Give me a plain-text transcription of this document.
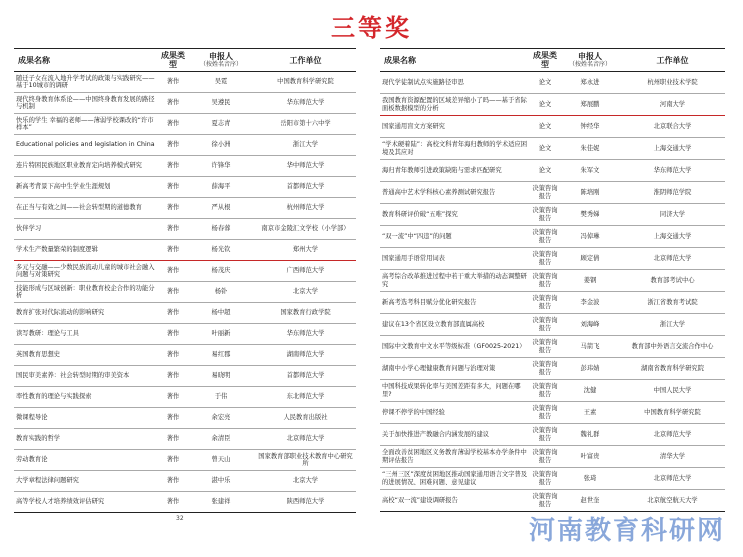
三等奖
成果名称	成果类型	申报人
（按姓名音序）	工作单位
随迁子女在流入地升学考试的政策与实践研究——基于10城市的调研	著作	吴霓	中国教育科学研究院
现代终身教育体系论——中国终身教育发展的路径与机制	著作	吴遵民	华东师范大学
快乐的学生 幸福的老师——薄弱学校课改的“许市样本”	著作	夏志青	岳阳市第十六中学
Educational policies and legislation in China	著作	徐小洲	浙江大学
连片特困民族地区职业教育定向培养模式研究	著作	许锋华	华中师范大学
新高考背景下高中生学业生涯规划	著作	薛海平	首都师范大学
在正当与有效之间——社会转型期的道德教育	著作	严从根	杭州师范大学
伙伴学习	著作	杨春蓉	南京市金陵汇文学校（小学部）
学术生产数量繁荣的制度逻辑	著作	杨光钦	郑州大学
多元与交融——少数民族流动儿童的城市社会融入问题与对策研究	著作	杨茂庆	广西师范大学
技能形成与区域创新：职业教育校企合作的功能分析	著作	杨钋	北京大学
教育扩张对代际流动的影响研究	著作	杨中超	国家教育行政学院
读写教研：理论与工具	著作	叶丽新	华东师范大学
英国教育思想史	著作	易红郡	湖南师范大学
国民审美素养：社会转型时期的审美资本	著作	易晓明	首都师范大学
率性教育的理论与实践探索	著作	于伟	东北师范大学
微课程导论	著作	余宏亮	人民教育出版社
教育实践的哲学	著作	余清臣	北京师范大学
劳动教育论	著作	曾天山	国家教育部职业技术教育中心研究所
大学章程法律问题研究	著作	湛中乐	北京大学
高等学校人才培养绩效评估研究	著作	张建祥	陕西师范大学
成果名称	成果类型	申报人
（按姓名音序）	工作单位
现代学徒制试点实施路径审思	论文	郑永进	杭州职业技术学院
我国教育资源配置的区域差异缩小了吗——基于省际面板数据模型的分析	论文	郑展鹏	河南大学
国家通用盲文方案研究	论文	钟经华	北京联合大学
“学术硬着陆”：高校文科青年海归教师的学术适应困境及其应对	论文	朱佳妮	上海交通大学
海归青年教师引进政策缺陷与需求匹配研究	论文	朱军文	华东师范大学
普通高中艺术学科核心素养测试研究报告	决策咨询报告	陈培刚	淮阴师范学院
教育科研评价破“五唯”探究	决策咨询报告	樊秀娣	同济大学
“双一流”中“四违”的问题	决策咨询报告	冯倬琳	上海交通大学
国家通用手语常用词表	决策咨询报告	顾定倩	北京师范大学
高考综合改革推进过程中若干重大举措的动态调整研究	决策咨询报告	姜钢	教育部考试中心
新高考选考科目赋分优化研究报告	决策咨询报告	李金波	浙江省教育考试院
建议在13个省区设立教育部直属高校	决策咨询报告	刘海峰	浙江大学
国际中文教育中文水平等级标准（GF0025-2021）	决策咨询报告	马箭飞	教育部中外语言交流合作中心
湖南中小学心理健康教育问题与治理对策	决策咨询报告	彭玮婧	湖南省教育科学研究院
中国科技成果转化率与美国差距有多大，问题在哪里?	决策咨询报告	沈健	中国人民大学
停课不停学的中国经验	决策咨询报告	王素	中国教育科学研究院
关于加快推进产教融合内涵发展的建议	决策咨询报告	魏礼群	北京师范大学
全面改善贫困地区义务教育薄弱学校基本办学条件中期评估报告	决策咨询报告	叶富贵	清华大学
“三州三区”深度贫困地区推动国家通用语言文字普及的进展情况、困难问题、意见建议	决策咨询报告	张琦	北京师范大学
高校“双一流”建设调研报告	决策咨询报告	赵世奎	北京航空航天大学
32	河南教育科研网
